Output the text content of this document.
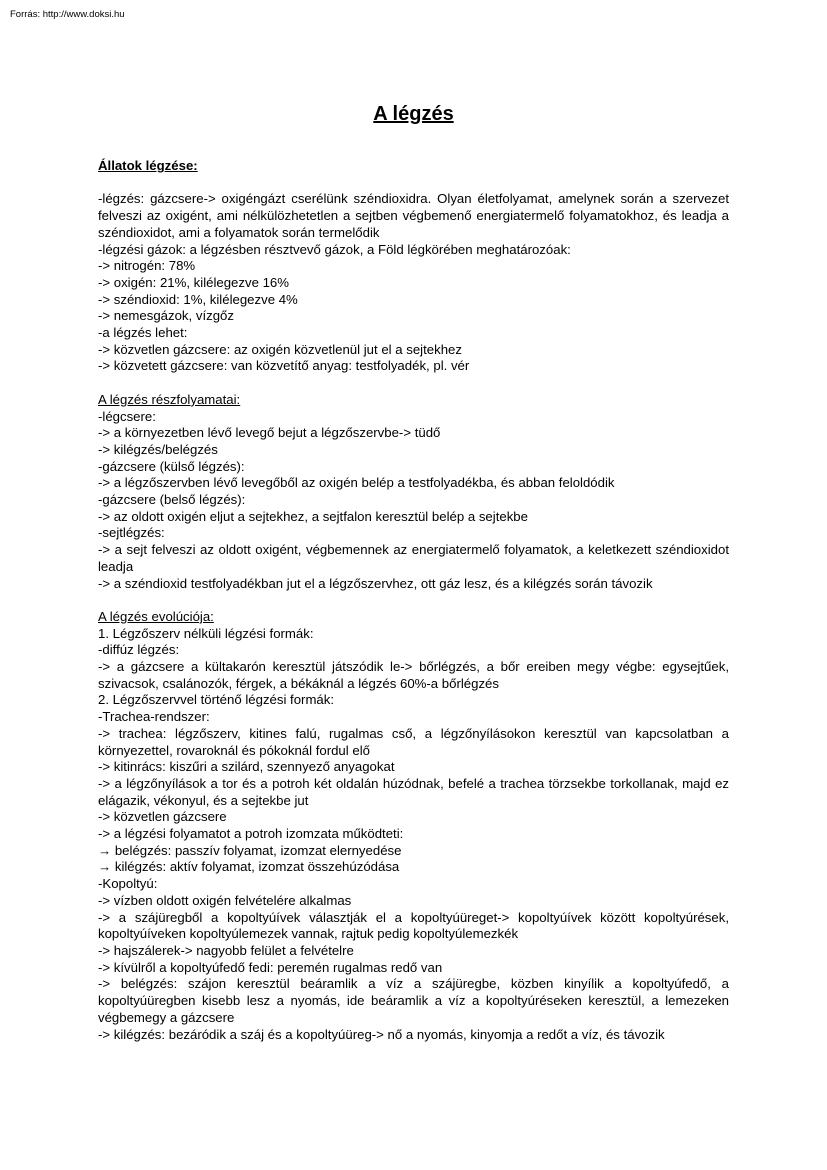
Forrás: http://www.doksi.hu
A légzés
Állatok légzése:
-légzés: gázcsere-> oxigéngázt cserélünk széndioxidra. Olyan életfolyamat, amelynek során a szervezet felveszi az oxigént, ami nélkülözhetetlen a sejtben végbemenő energiatermelő folyamatokhoz, és leadja a széndioxidot, ami a folyamatok során termelődik
-légzési gázok: a légzésben résztvevő gázok, a Föld légkörében meghatározóak:
-> nitrogén: 78%
-> oxigén: 21%, kilélegezve 16%
-> széndioxid: 1%, kilélegezve 4%
-> nemesgázok, vízgőz
-a légzés lehet:
-> közvetlen gázcsere: az oxigén közvetlenül jut el a sejtekhez
-> közvetett gázcsere: van közvetítő anyag: testfolyadék, pl. vér
A légzés részfolyamatai:
-légcsere:
-> a környezetben lévő levegő bejut a légzőszervbe-> tüdő
-> kilégzés/belégzés
-gázcsere (külső légzés):
-> a légzőszervben lévő levegőből az oxigén belép a testfolyadékba, és abban feloldódik
-gázcsere (belső légzés):
-> az oldott oxigén eljut a sejtekhez, a sejtfalon keresztül belép a sejtekbe
-sejtlégzés:
-> a sejt felveszi az oldott oxigént, végbemennek az energiatermelő folyamatok, a keletkezett széndioxidot leadja
-> a széndioxid testfolyadékban jut el a légzőszervhez, ott gáz lesz, és a kilégzés során távozik
A légzés evolúciója:
1. Légzőszerv nélküli légzési formák:
-diffúz légzés:
-> a gázcsere a kültakarón keresztül játszódik le-> bőrlégzés, a bőr ereiben megy végbe: egysejtűek, szivacsok, csalánozók, férgek, a békáknál a légzés 60%-a bőrlégzés
2. Légzőszervvel történő légzési formák:
-Trachea-rendszer:
-> trachea: légzőszerv, kitines falú, rugalmas cső, a légzőnyílásokon keresztül van kapcsolatban a környezettel, rovaroknál és pókoknál fordul elő
-> kitinrács: kiszűri a szilárd, szennyező anyagokat
-> a légzőnyílások a tor és a potroh két oldalán húzódnak, befelé a trachea törzsekbe torkollanak, majd ez elágazik, vékonyul, és a sejtekbe jut
-> közvetlen gázcsere
-> a légzési folyamatot a potroh izomzata működteti:
→ belégzés: passzív folyamat, izomzat elernyedése
→ kilégzés: aktív folyamat, izomzat összehúzódása
-Kopoltyú:
-> vízben oldott oxigén felvételére alkalmas
-> a szájüregből a kopoltyúívek választják el a kopoltyúüreget-> kopoltyúívek között kopoltyúrések, kopoltyúíveken kopoltyúlemezek vannak, rajtuk pedig kopoltyúlemezkék
-> hajszálerek-> nagyobb felület a felvételre
-> kívülről a kopoltyúfedő fedi: peremén rugalmas redő van
-> belégzés: szájon keresztül beáramlik a víz a szájüregbe, közben kinyílik a kopoltyúfedő, a kopoltyúüregben kisebb lesz a nyomás, ide beáramlik a víz a kopoltyúréseken keresztül, a lemezeken végbemegy a gázcsere
-> kilégzés: bezáródik a száj és a kopoltyúüreg-> nő a nyomás, kinyomja a redőt a víz, és távozik
